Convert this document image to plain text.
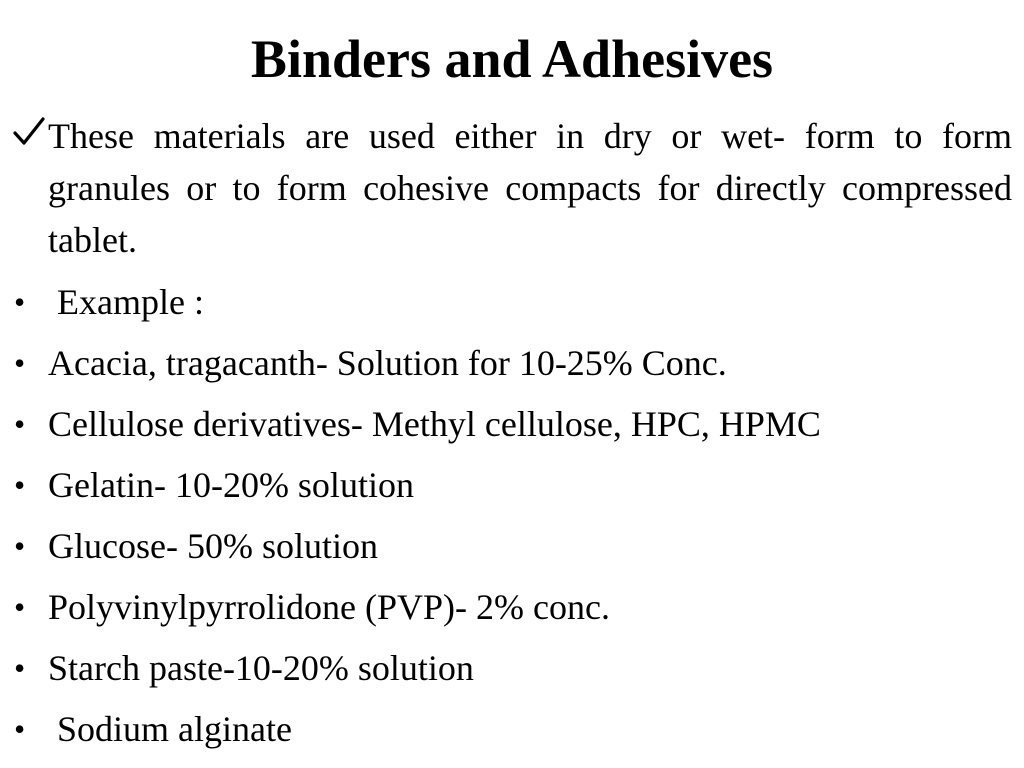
Binders and Adhesives
These materials are used either in dry or wet- form to form granules or to form cohesive compacts for directly compressed tablet.
• Example :
• Acacia, tragacanth- Solution for 10-25% Conc.
• Cellulose derivatives- Methyl cellulose, HPC, HPMC
• Gelatin- 10-20% solution
• Glucose- 50% solution
• Polyvinylpyrrolidone (PVP)- 2% conc.
• Starch paste-10-20% solution
• Sodium alginate
